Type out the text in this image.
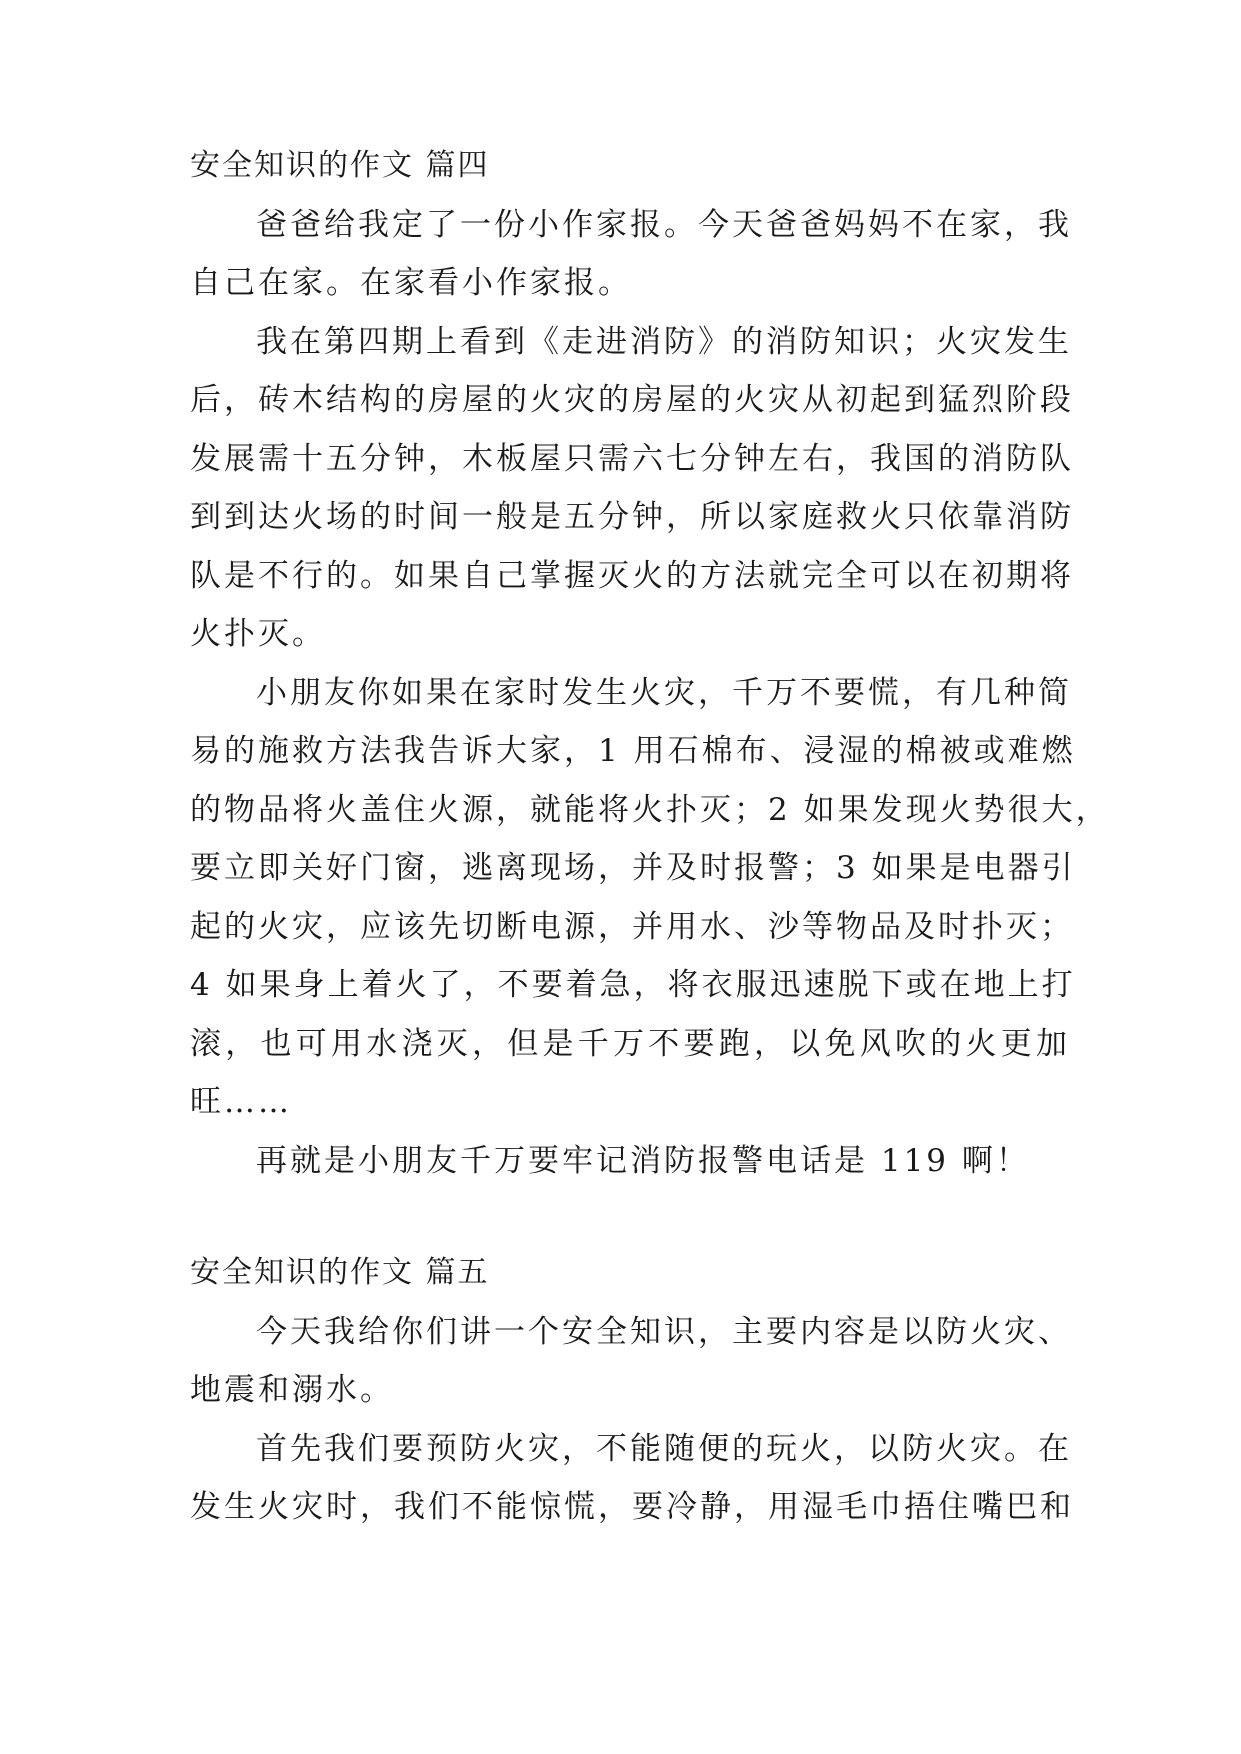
安全知识的作文 篇四
爸爸给我定了一份小作家报。今天爸爸妈妈不在家，我
自己在家。在家看小作家报。
我在第四期上看到《走进消防》的消防知识；火灾发生
后，砖木结构的房屋的火灾的房屋的火灾从初起到猛烈阶段
发展需十五分钟，木板屋只需六七分钟左右，我国的消防队
到到达火场的时间一般是五分钟，所以家庭救火只依靠消防
队是不行的。如果自己掌握灭火的方法就完全可以在初期将
火扑灭。
小朋友你如果在家时发生火灾，千万不要慌，有几种简
易的施救方法我告诉大家，1 用石棉布、浸湿的棉被或难燃
的物品将火盖住火源，就能将火扑灭；2 如果发现火势很大，
要立即关好门窗，逃离现场，并及时报警；3 如果是电器引
起的火灾，应该先切断电源，并用水、沙等物品及时扑灭；
4 如果身上着火了，不要着急，将衣服迅速脱下或在地上打
滚，也可用水浇灭，但是千万不要跑，以免风吹的火更加
旺……
再就是小朋友千万要牢记消防报警电话是 119 啊！
安全知识的作文 篇五
今天我给你们讲一个安全知识，主要内容是以防火灾、
地震和溺水。
首先我们要预防火灾，不能随便的玩火，以防火灾。在
发生火灾时，我们不能惊慌，要冷静，用湿毛巾捂住嘴巴和
